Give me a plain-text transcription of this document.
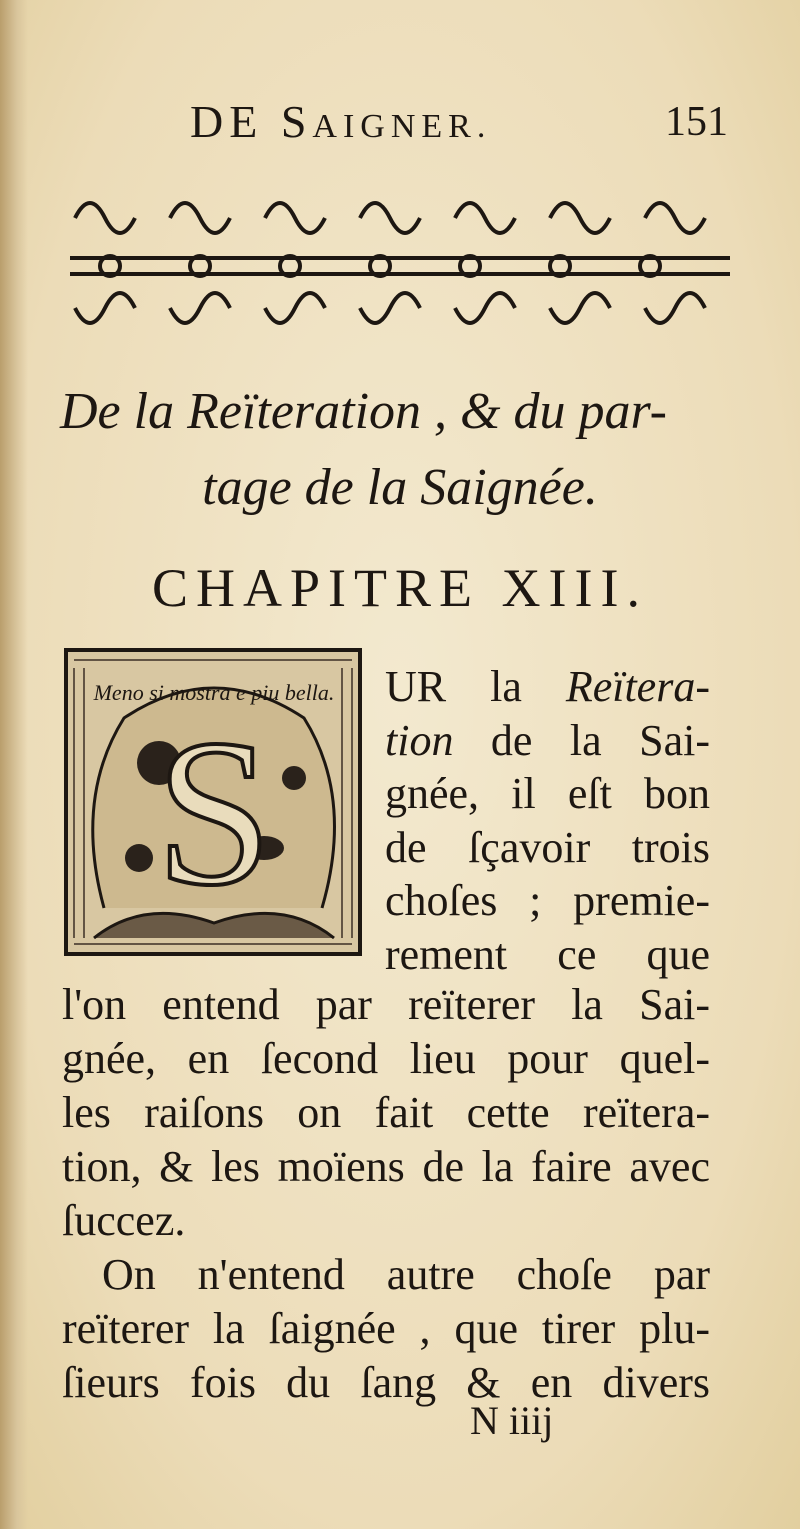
DE SAIGNER.	151
De la Reïteration , & du par-
tage de la Saignée.
CHAPITRE XIII.
S
Meno si mostra e piu bella. UR la Reïtera-
tion de la Sai-
gnée, il eſt bon
de ſçavoir trois
choſes ; premie-
rement ce que
l'on entend par reïterer la Sai-
gnée, en ſecond lieu pour quel-
les raiſons on fait cette reïtera-
tion, & les moïens de la faire avec
ſuccez.
On n'entend autre choſe par
reïterer la ſaignée , que tirer plu-
ſieurs fois du ſang & en divers
N iiij
